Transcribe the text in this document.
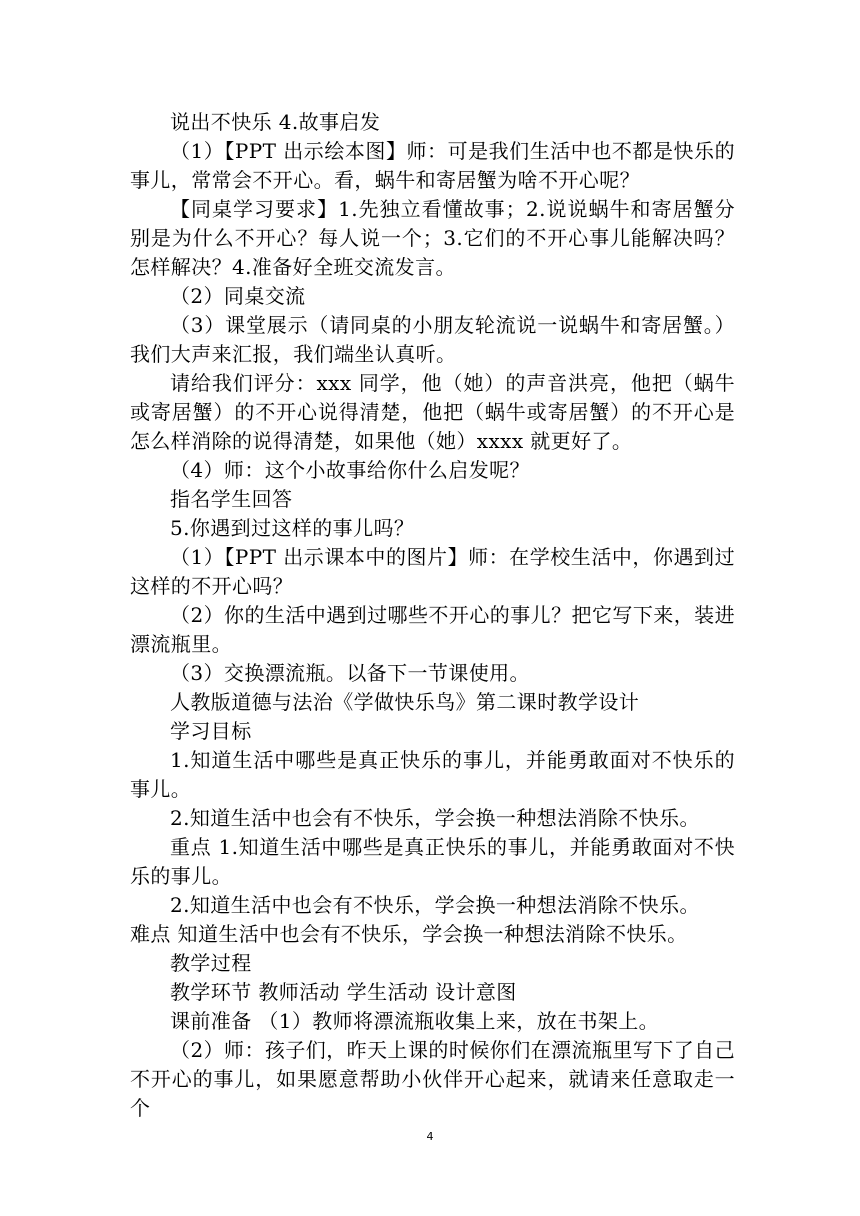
说出不快乐 4.故事启发

（1）【PPT 出示绘本图】师：可是我们生活中也不都是快乐的事儿，常常会不开心。看，蜗牛和寄居蟹为啥不开心呢？

【同桌学习要求】1.先独立看懂故事；2.说说蜗牛和寄居蟹分别是为什么不开心？每人说一个；3.它们的不开心事儿能解决吗？怎样解决？4.准备好全班交流发言。

（2）同桌交流

（3）课堂展示（请同桌的小朋友轮流说一说蜗牛和寄居蟹。）我们大声来汇报，我们端坐认真听。

请给我们评分：xxx 同学，他（她）的声音洪亮，他把（蜗牛或寄居蟹）的不开心说得清楚，他把（蜗牛或寄居蟹）的不开心是怎么样消除的说得清楚，如果他（她）xxxx 就更好了。

（4）师：这个小故事给你什么启发呢？

指名学生回答

5.你遇到过这样的事儿吗？

（1）【PPT 出示课本中的图片】师：在学校生活中，你遇到过这样的不开心吗？

（2）你的生活中遇到过哪些不开心的事儿？把它写下来，装进漂流瓶里。

（3）交换漂流瓶。以备下一节课使用。

人教版道德与法治《学做快乐鸟》第二课时教学设计

学习目标

1.知道生活中哪些是真正快乐的事儿，并能勇敢面对不快乐的事儿。

2.知道生活中也会有不快乐，学会换一种想法消除不快乐。

重点 1.知道生活中哪些是真正快乐的事儿，并能勇敢面对不快乐的事儿。

2.知道生活中也会有不快乐，学会换一种想法消除不快乐。

难点 知道生活中也会有不快乐，学会换一种想法消除不快乐。

教学过程

教学环节 教师活动 学生活动 设计意图

课前准备 （1）教师将漂流瓶收集上来，放在书架上。

（2）师：孩子们，昨天上课的时候你们在漂流瓶里写下了自己不开心的事儿，如果愿意帮助小伙伴开心起来，就请来任意取走一个

4
